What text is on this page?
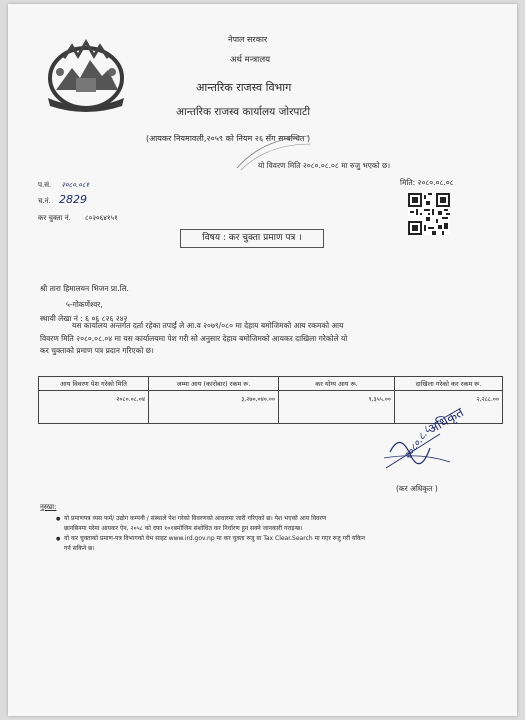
नेपाल सरकार
अर्थ मन्त्रालय
आन्तरिक राजस्व विभाग
आन्तरिक राजस्व कार्यालय जोरपाटी
(आयकर नियमावली,२०५९ को नियम २६ सँग सम्बन्धित )
यो विवरण मिति २०८०.०८.०८ मा रुजु भएको छ।
मिति: २०८०.०८.०८
प.सं. २०८०.०८१
च.नं. 2829
कर चुक्ता नं. ८०२०६४१५१
विषय : कर चुक्ता प्रमाण पत्र ।
श्री तारा हिमालयन भिजन प्रा.लि.
५-गोकर्णेश्वर,
स्थायी लेखा नं : ६ ०६ ८२६ २४२
यस कार्यालय अन्तर्गत दर्ता रहेका तपाईं ले आ.व २०७९/०८० मा देहाय बमोजिमको आय रकमको आय
विवरण मिति २०८०.०८.०४ मा यस कार्यालयमा पेश गरी सो अनुसार देहाय बमोजिमको आयकर दाखिला गरेकोले यो
कर चुक्ताको प्रमाण पत्र प्रदान गरिएको छ।
आय विवरण पेश गरेको मिति	जम्मा आय (कारोबार) रकम रू.	कर योग्य आय रू.	दाखिला गरेको कर रकम रू.
२०८०.०८.०४	३,२७०,०४०.००	९,३५५.००	२,२८८.००
अधिकृत
२०८०.८.८
(कर अधिकृत )
नुस्खा:
● यो प्रमाणपत्र व्यस फर्म/ उद्योग कम्पनी / संस्थाले पेश गरेको विवरणको आधारमा जारी गरिएको छ। पेश भएको आय विवरण
छानबिनमा परेमा आयकर ऐन, २०५८ को दफा १०१बमोजिम संशोधित कर निर्धारण हुन सक्ने जानकारी गराइन्छ।
● यो कर चुक्ताको प्रमाण-पत्र विभागको वेभ साइट www.ird.gov.np मा कर चुक्ता रुजु वा Tax Clear.Search मा गएर रुजु गरी यकिन
गर्न सकिने छ।
